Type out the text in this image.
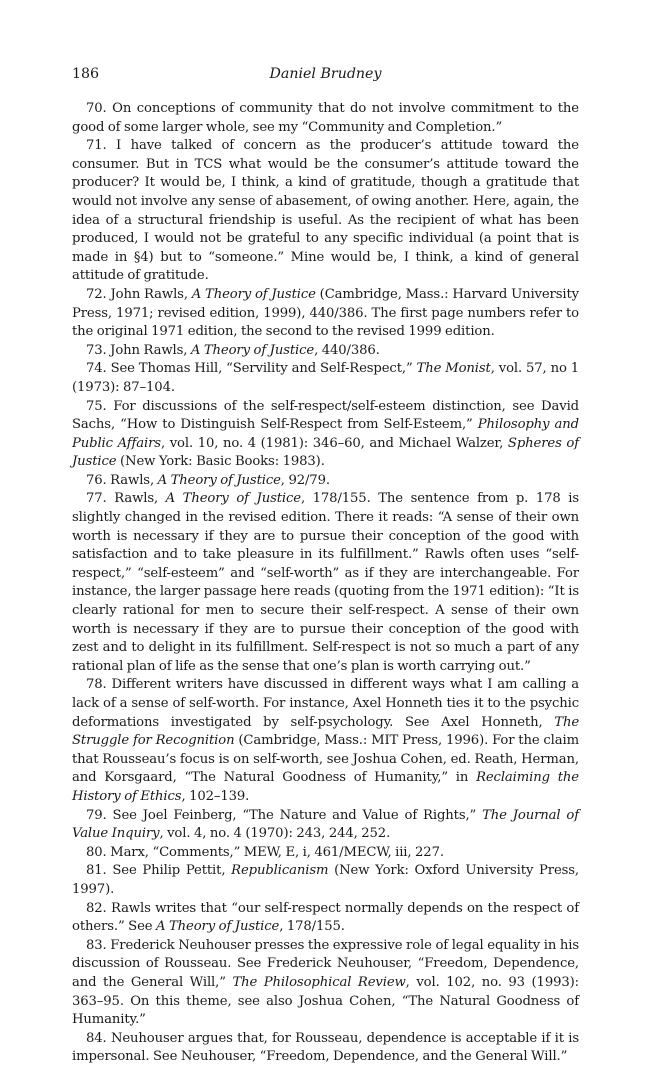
186	Daniel Brudney

70. On conceptions of community that do not involve commitment to the good of some larger whole, see my “Community and Completion.”

71. I have talked of concern as the producer’s attitude toward the consumer. But in TCS what would be the consumer’s attitude toward the producer? It would be, I think, a kind of gratitude, though a gratitude that would not involve any sense of abasement, of owing another. Here, again, the idea of a structural friendship is useful. As the recipient of what has been produced, I would not be grateful to any specific individual (a point that is made in §4) but to “someone.” Mine would be, I think, a kind of general attitude of gratitude.

72. John Rawls, A Theory of Justice (Cambridge, Mass.: Harvard University Press, 1971; revised edition, 1999), 440/386. The first page numbers refer to the original 1971 edition, the second to the revised 1999 edition.

73. John Rawls, A Theory of Justice, 440/386.

74. See Thomas Hill, “Servility and Self-Respect,” The Monist, vol. 57, no 1 (1973): 87–104.

75. For discussions of the self-respect/self-esteem distinction, see David Sachs, “How to Distinguish Self-Respect from Self-Esteem,” Philosophy and Public Affairs, vol. 10, no. 4 (1981): 346–60, and Michael Walzer, Spheres of Justice (New York: Basic Books: 1983).

76. Rawls, A Theory of Justice, 92/79.

77. Rawls, A Theory of Justice, 178/155. The sentence from p. 178 is slightly changed in the revised edition. There it reads: “A sense of their own worth is necessary if they are to pursue their conception of the good with satisfaction and to take pleasure in its fulfillment.” Rawls often uses “self-respect,” “self-esteem” and “self-worth” as if they are interchangeable. For instance, the larger passage here reads (quoting from the 1971 edition): “It is clearly rational for men to secure their self-respect. A sense of their own worth is necessary if they are to pursue their conception of the good with zest and to delight in its fulfillment. Self-respect is not so much a part of any rational plan of life as the sense that one’s plan is worth carrying out.”

78. Different writers have discussed in different ways what I am calling a lack of a sense of self-worth. For instance, Axel Honneth ties it to the psychic deformations investigated by self-psychology. See Axel Honneth, The Struggle for Recognition (Cambridge, Mass.: MIT Press, 1996). For the claim that Rousseau’s focus is on self-worth, see Joshua Cohen, ed. Reath, Herman, and Korsgaard, “The Natural Goodness of Humanity,” in Reclaiming the History of Ethics, 102–139.

79. See Joel Feinberg, “The Nature and Value of Rights,” The Journal of Value Inquiry, vol. 4, no. 4 (1970): 243, 244, 252.

80. Marx, “Comments,” MEW, E, i, 461/MECW, iii, 227.

81. See Philip Pettit, Republicanism (New York: Oxford University Press, 1997).

82. Rawls writes that “our self-respect normally depends on the respect of others.” See A Theory of Justice, 178/155.

83. Frederick Neuhouser presses the expressive role of legal equality in his discussion of Rousseau. See Frederick Neuhouser, “Freedom, Dependence, and the General Will,” The Philosophical Review, vol. 102, no. 93 (1993): 363–95. On this theme, see also Joshua Cohen, “The Natural Goodness of Humanity.”

84. Neuhouser argues that, for Rousseau, dependence is acceptable if it is impersonal. See Neuhouser, “Freedom, Dependence, and the General Will.”
